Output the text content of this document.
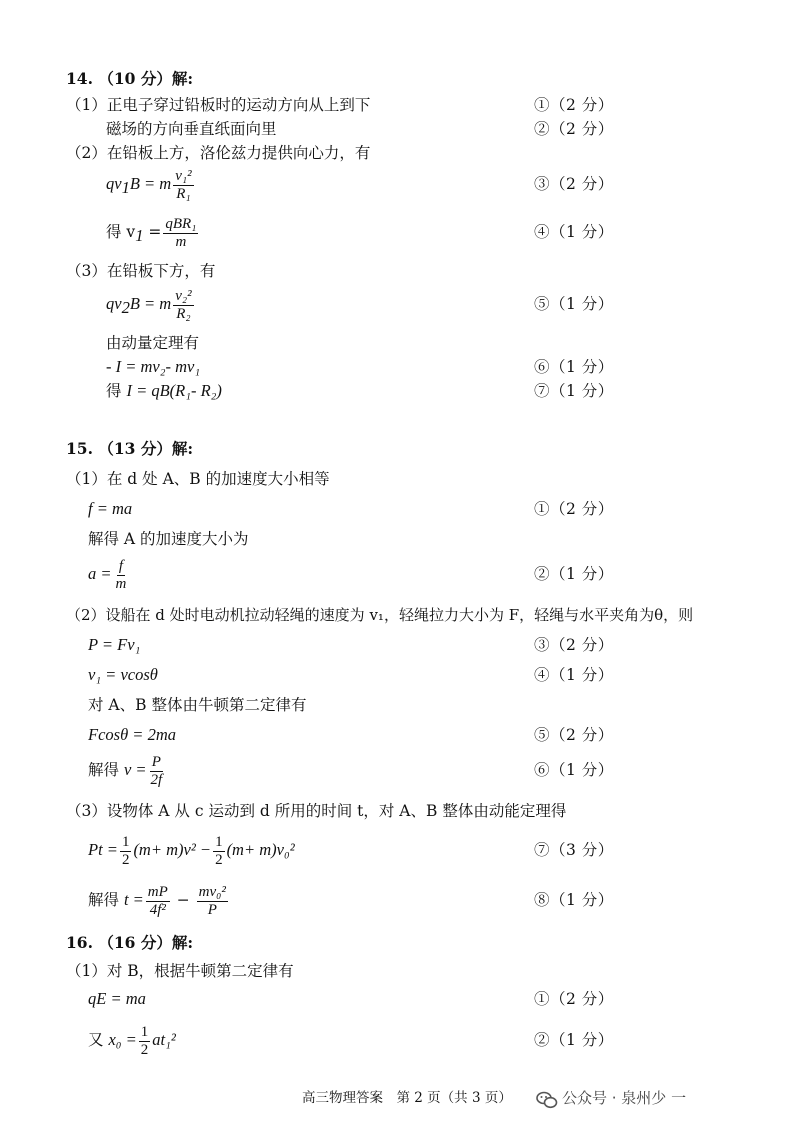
14. （10 分）解:
（1）正电子穿过铅板时的运动方向从上到下	①（2 分）
磁场的方向垂直纸面向里	②（2 分）
（2）在铅板上方，洛伦兹力提供向心力，有
$qv_1B = m \frac{\text{v₁²}}{\text{R₁}}$	③（2 分）
得 $v_1 = \frac{\text{qBR₁}}{m}$	④（1 分）
（3）在铅板下方，有
$qv_2B = m \frac{\text{v₂²}}{\text{R₂}}$	⑤（1 分）
由动量定理有
- I = mv₂- mv₁	⑥（1 分）
得 I = qB(R₁- R₂)	⑦（1 分）
15. （13 分）解:
（1）在 d 处 A、B 的加速度大小相等
f = ma	①（2 分）
解得 A 的加速度大小为
$a = \frac{f}{m}$	②（1 分）
（2）设船在 d 处时电动机拉动轻绳的速度为 v₁，轻绳拉力大小为 F，轻绳与水平夹角为θ，则
P = Fv₁	③（2 分）
v₁ = vcosθ	④（1 分）
对 A、B 整体由牛顿第二定律有
Fcosθ = 2ma	⑤（2 分）
解得 $v = \frac{P}{2f}$	⑥（1 分）
（3）设物体 A 从 c 运动到 d 所用的时间 t，对 A、B 整体由动能定理得
$Pt = \frac{1}{2} (m+ m)v^2 - \frac{1}{2} (m+ m)v_0^2$	⑦（3 分）
解得 $t = \frac{mP}{\text{4f²}} - \frac{\text{mv₀²}}{P}$	⑧（1 分）
16. （16 分）解:
（1）对 B，根据牛顿第二定律有
qE = ma	①（2 分）
又 $x_0 = \frac{1}{2} at_1^2$	②（1 分）
高三物理答案　第 2 页（共 3 页）	公众号 · 泉州少 一
